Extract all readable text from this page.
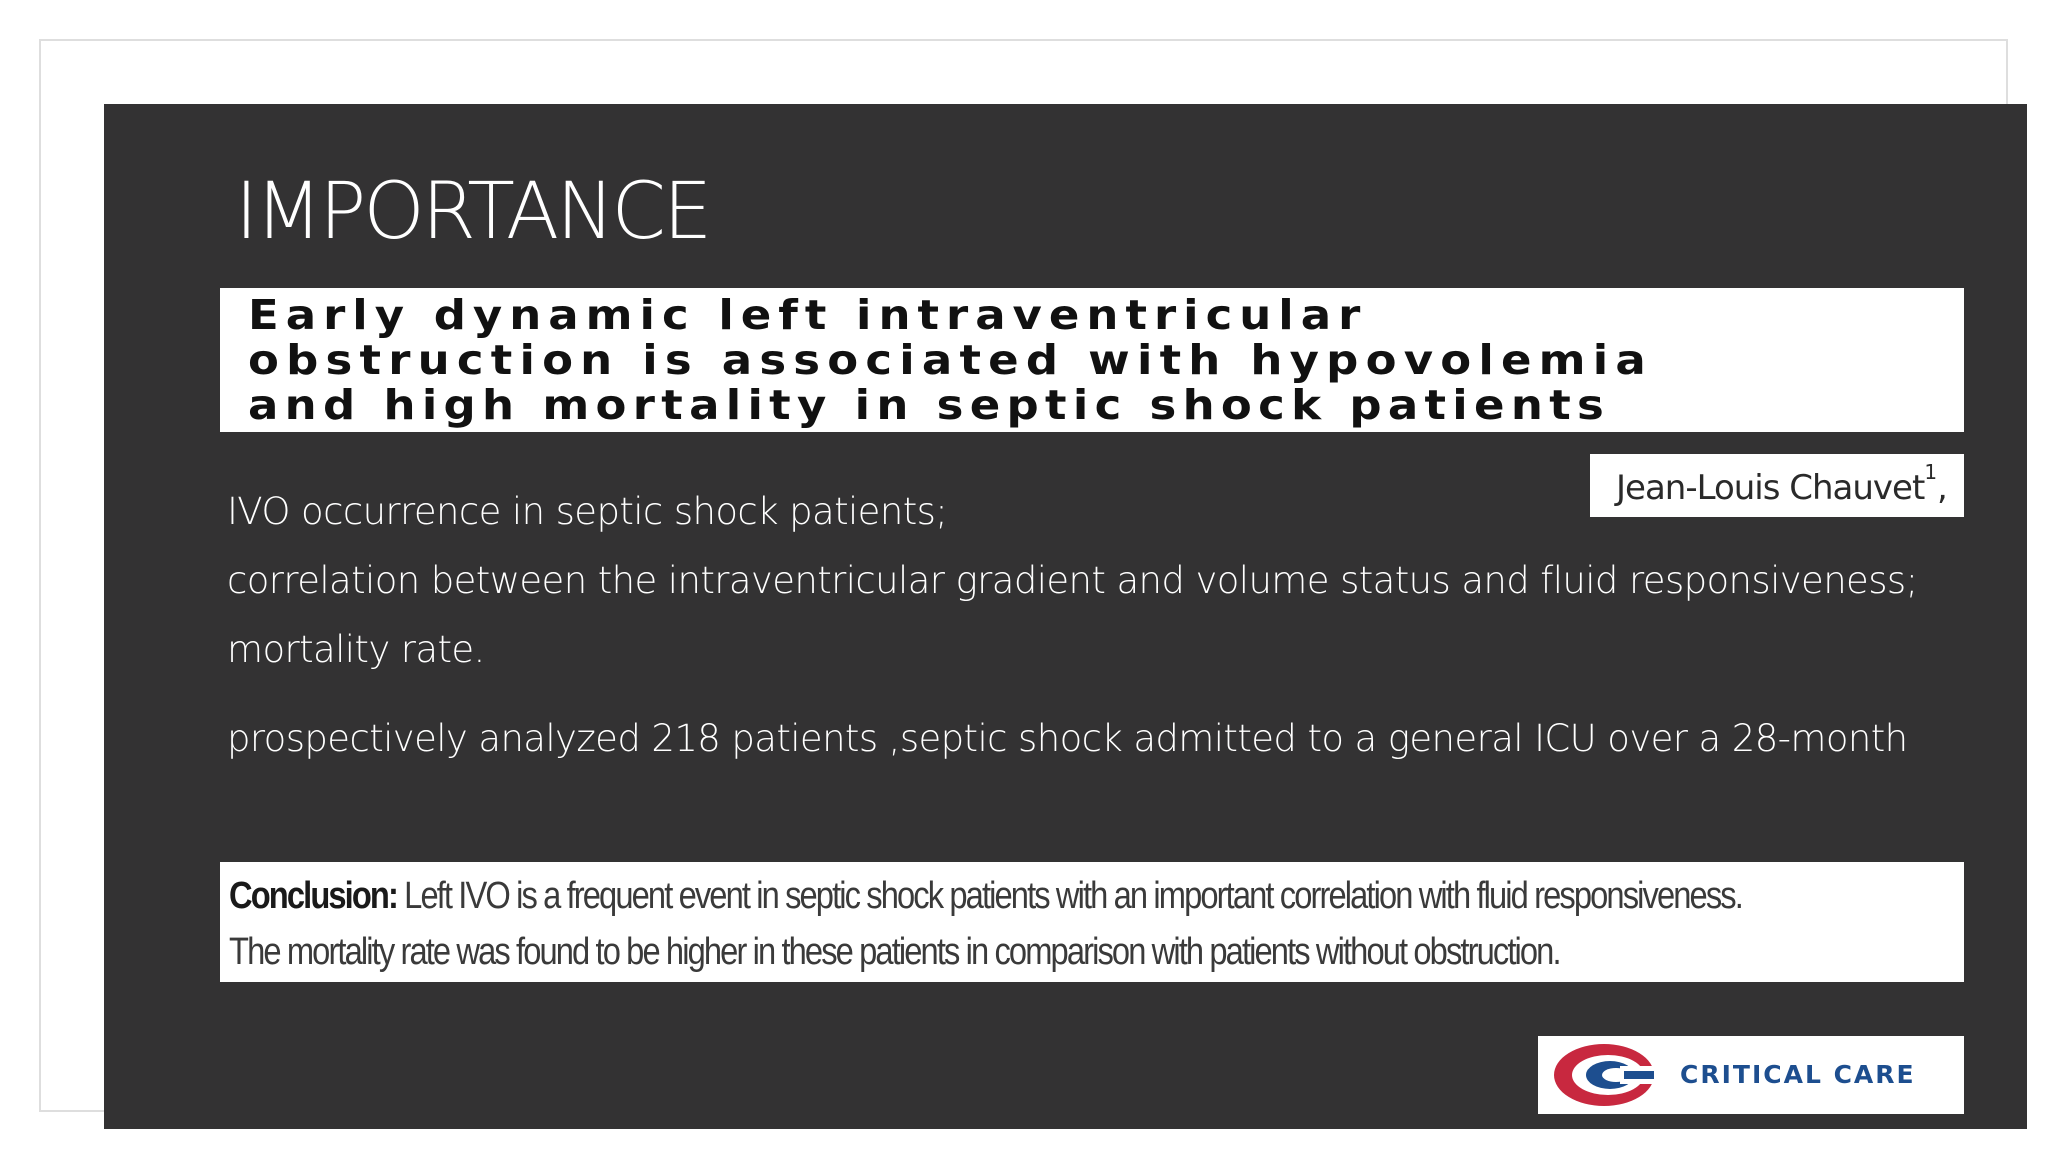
IMPORTANCE
Early dynamic left intraventricular
obstruction is associated with hypovolemia
and high mortality in septic shock patients
Jean-Louis Chauvet$^1$,

IVO occurrence in septic shock patients;

correlation between the intraventricular gradient and volume status and fluid responsiveness;

mortality rate.

prospectively analyzed 218 patients ,septic shock admitted to a general ICU over a 28-month

Conclusion: Left IVO is a frequent event in septic shock patients with an important correlation with fluid responsiveness.
The mortality rate was found to be higher in these patients in comparison with patients without obstruction.
CRITICAL CARE
